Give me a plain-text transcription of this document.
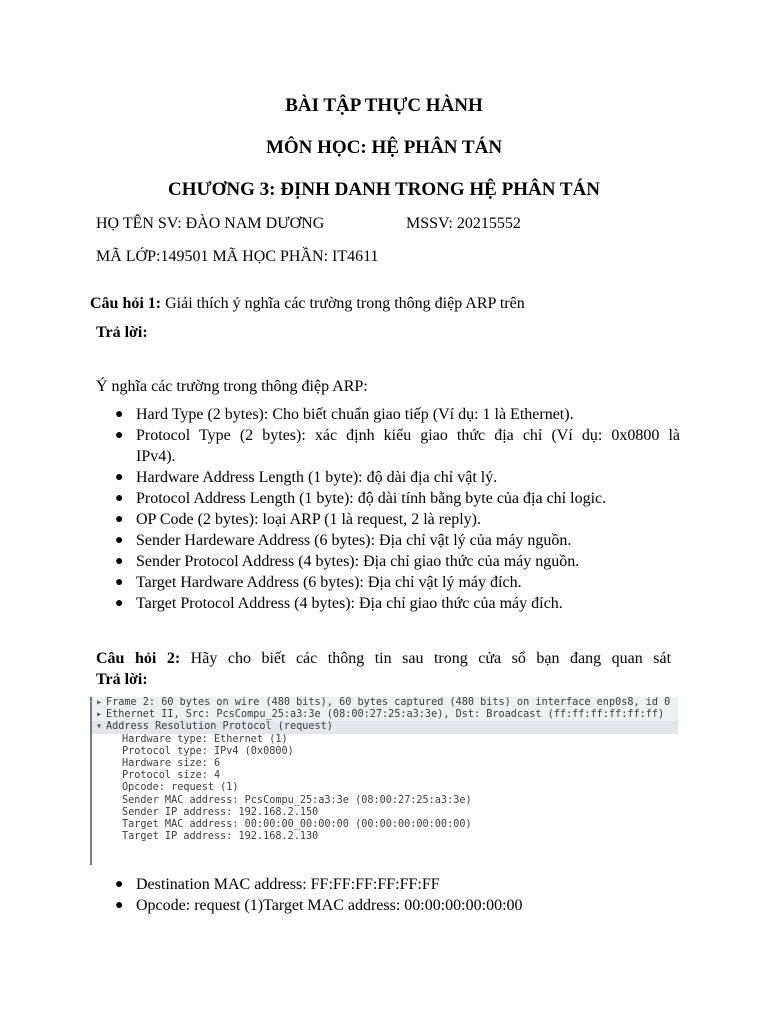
BÀI TẬP THỰC HÀNH
MÔN HỌC: HỆ PHÂN TÁN
CHƯƠNG 3: ĐỊNH DANH TRONG HỆ PHÂN TÁN

HỌ TÊN SV: ĐÀO NAM DƯƠNG	MSSV: 20215552

MÃ LỚP:149501 MÃ HỌC PHẦN: IT4611

Câu hỏi 1: Giải thích ý nghĩa các trường trong thông điệp ARP trên

Trả lời:

Ý nghĩa các trường trong thông điệp ARP:

● Hard Type (2 bytes): Cho biết chuẩn giao tiếp (Ví dụ: 1 là Ethernet).
● Protocol Type (2 bytes): xác định kiểu giao thức địa chỉ (Ví dụ: 0x0800 là
IPv4).
● Hardware Address Length (1 byte): độ dài địa chỉ vật lý.
● Protocol Address Length (1 byte): độ dài tính bằng byte của địa chỉ logic.
● OP Code (2 bytes): loại ARP (1 là request, 2 là reply).
● Sender Hardeware Address (6 bytes): Địa chỉ vật lý của máy nguồn.
● Sender Protocol Address (4 bytes): Địa chỉ giao thức của máy nguồn.
● Target Hardware Address (6 bytes): Địa chỉ vật lý máy đích.
● Target Protocol Address (4 bytes): Địa chỉ giao thức của máy đích.

Câu hỏi 2: Hãy cho biết các thông tin sau trong cửa sổ bạn đang quan sát

Trả lời:

▸ Frame 2: 60 bytes on wire (480 bits), 60 bytes captured (480 bits) on interface enp0s8, id 0
▸ Ethernet II, Src: PcsCompu_25:a3:3e (08:00:27:25:a3:3e), Dst: Broadcast (ff:ff:ff:ff:ff:ff)
▾ Address Resolution Protocol (request)
Hardware type: Ethernet (1)
Protocol type: IPv4 (0x0800)
Hardware size: 6
Protocol size: 4
Opcode: request (1)
Sender MAC address: PcsCompu_25:a3:3e (08:00:27:25:a3:3e)
Sender IP address: 192.168.2.150
Target MAC address: 00:00:00_00:00:00 (00:00:00:00:00:00)
Target IP address: 192.168.2.130
● Destination MAC address: FF:FF:FF:FF:FF:FF
● Opcode: request (1)Target MAC address: 00:00:00:00:00:00
